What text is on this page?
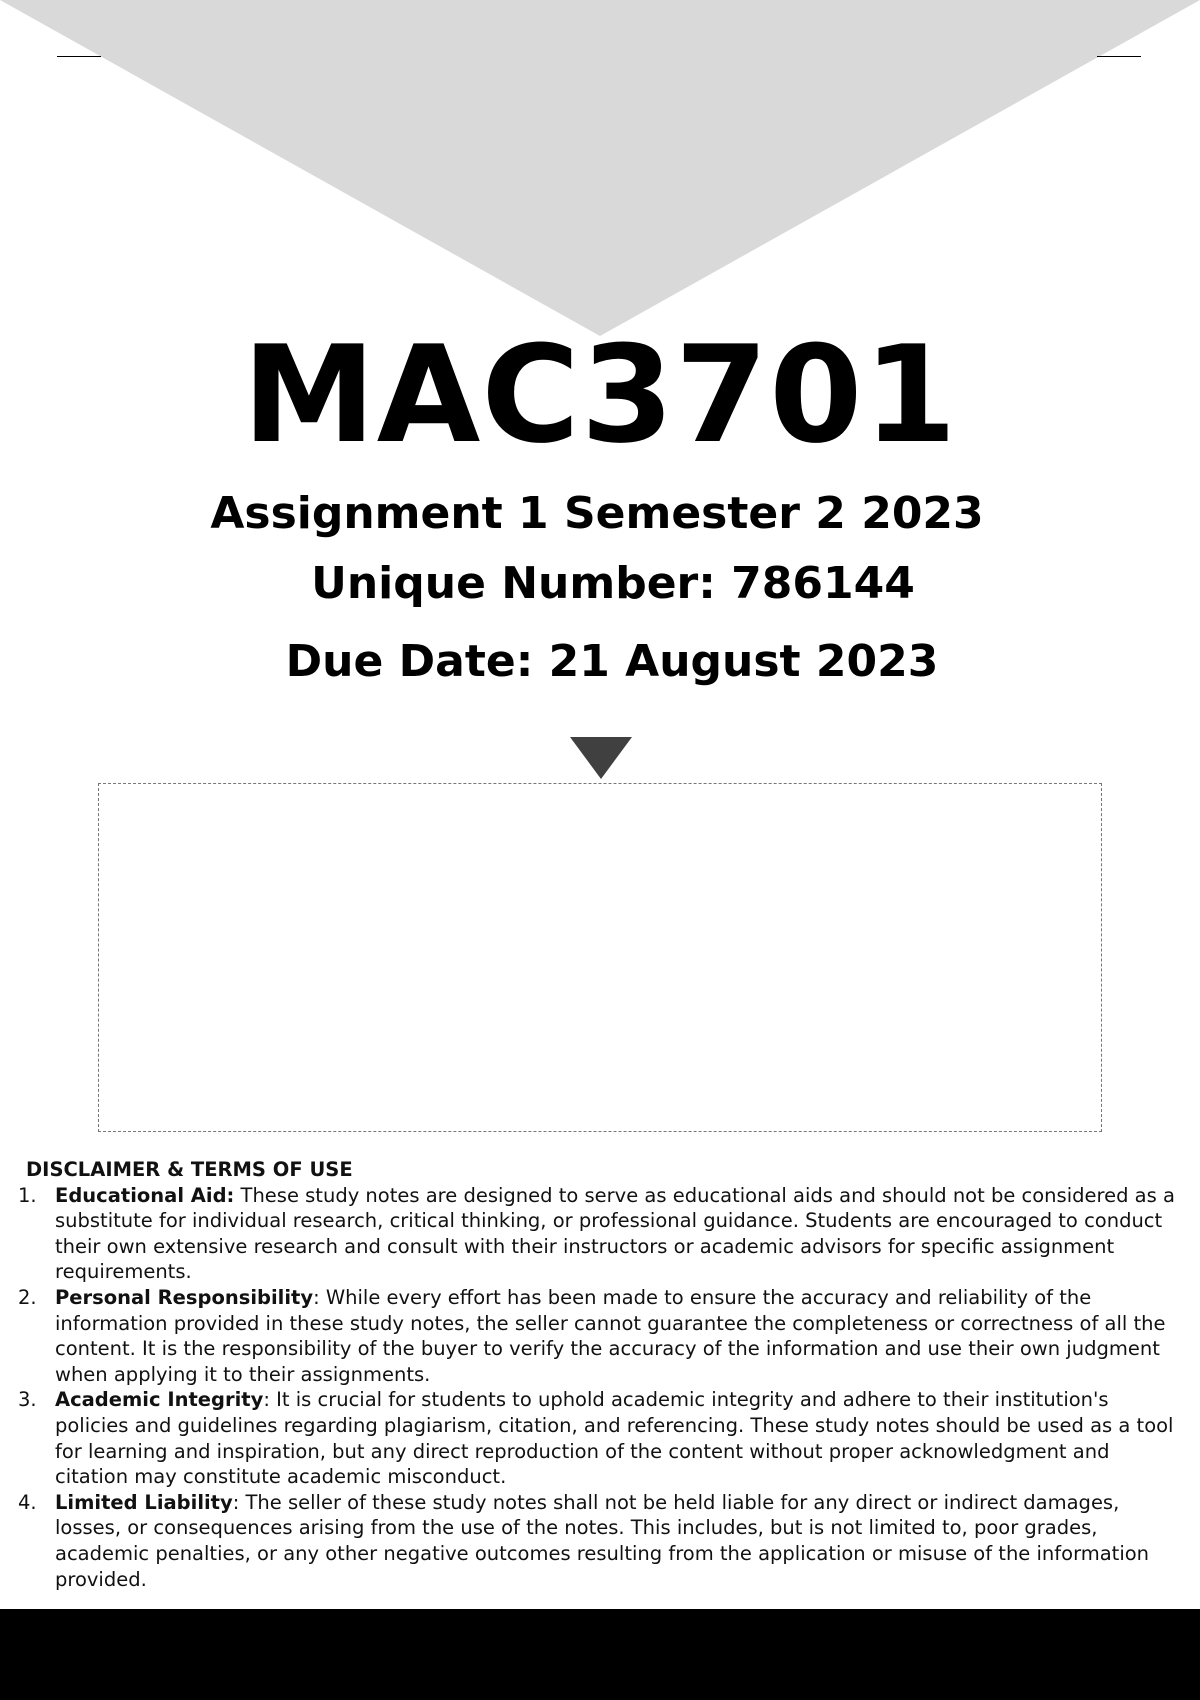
MAC3701
Assignment 1 Semester 2 2023
Unique Number: 786144
Due Date: 21 August 2023
DISCLAIMER & TERMS OF USE
1. Educational Aid: These study notes are designed to serve as educational aids and should not be considered as a substitute for individual research, critical thinking, or professional guidance. Students are encouraged to conduct their own extensive research and consult with their instructors or academic advisors for specific assignment requirements.
2. Personal Responsibility: While every effort has been made to ensure the accuracy and reliability of the information provided in these study notes, the seller cannot guarantee the completeness or correctness of all the content. It is the responsibility of the buyer to verify the accuracy of the information and use their own judgment when applying it to their assignments.
3. Academic Integrity: It is crucial for students to uphold academic integrity and adhere to their institution's policies and guidelines regarding plagiarism, citation, and referencing. These study notes should be used as a tool for learning and inspiration, but any direct reproduction of the content without proper acknowledgment and citation may constitute academic misconduct.
4. Limited Liability: The seller of these study notes shall not be held liable for any direct or indirect damages, losses, or consequences arising from the use of the notes. This includes, but is not limited to, poor grades, academic penalties, or any other negative outcomes resulting from the application or misuse of the information provided.
